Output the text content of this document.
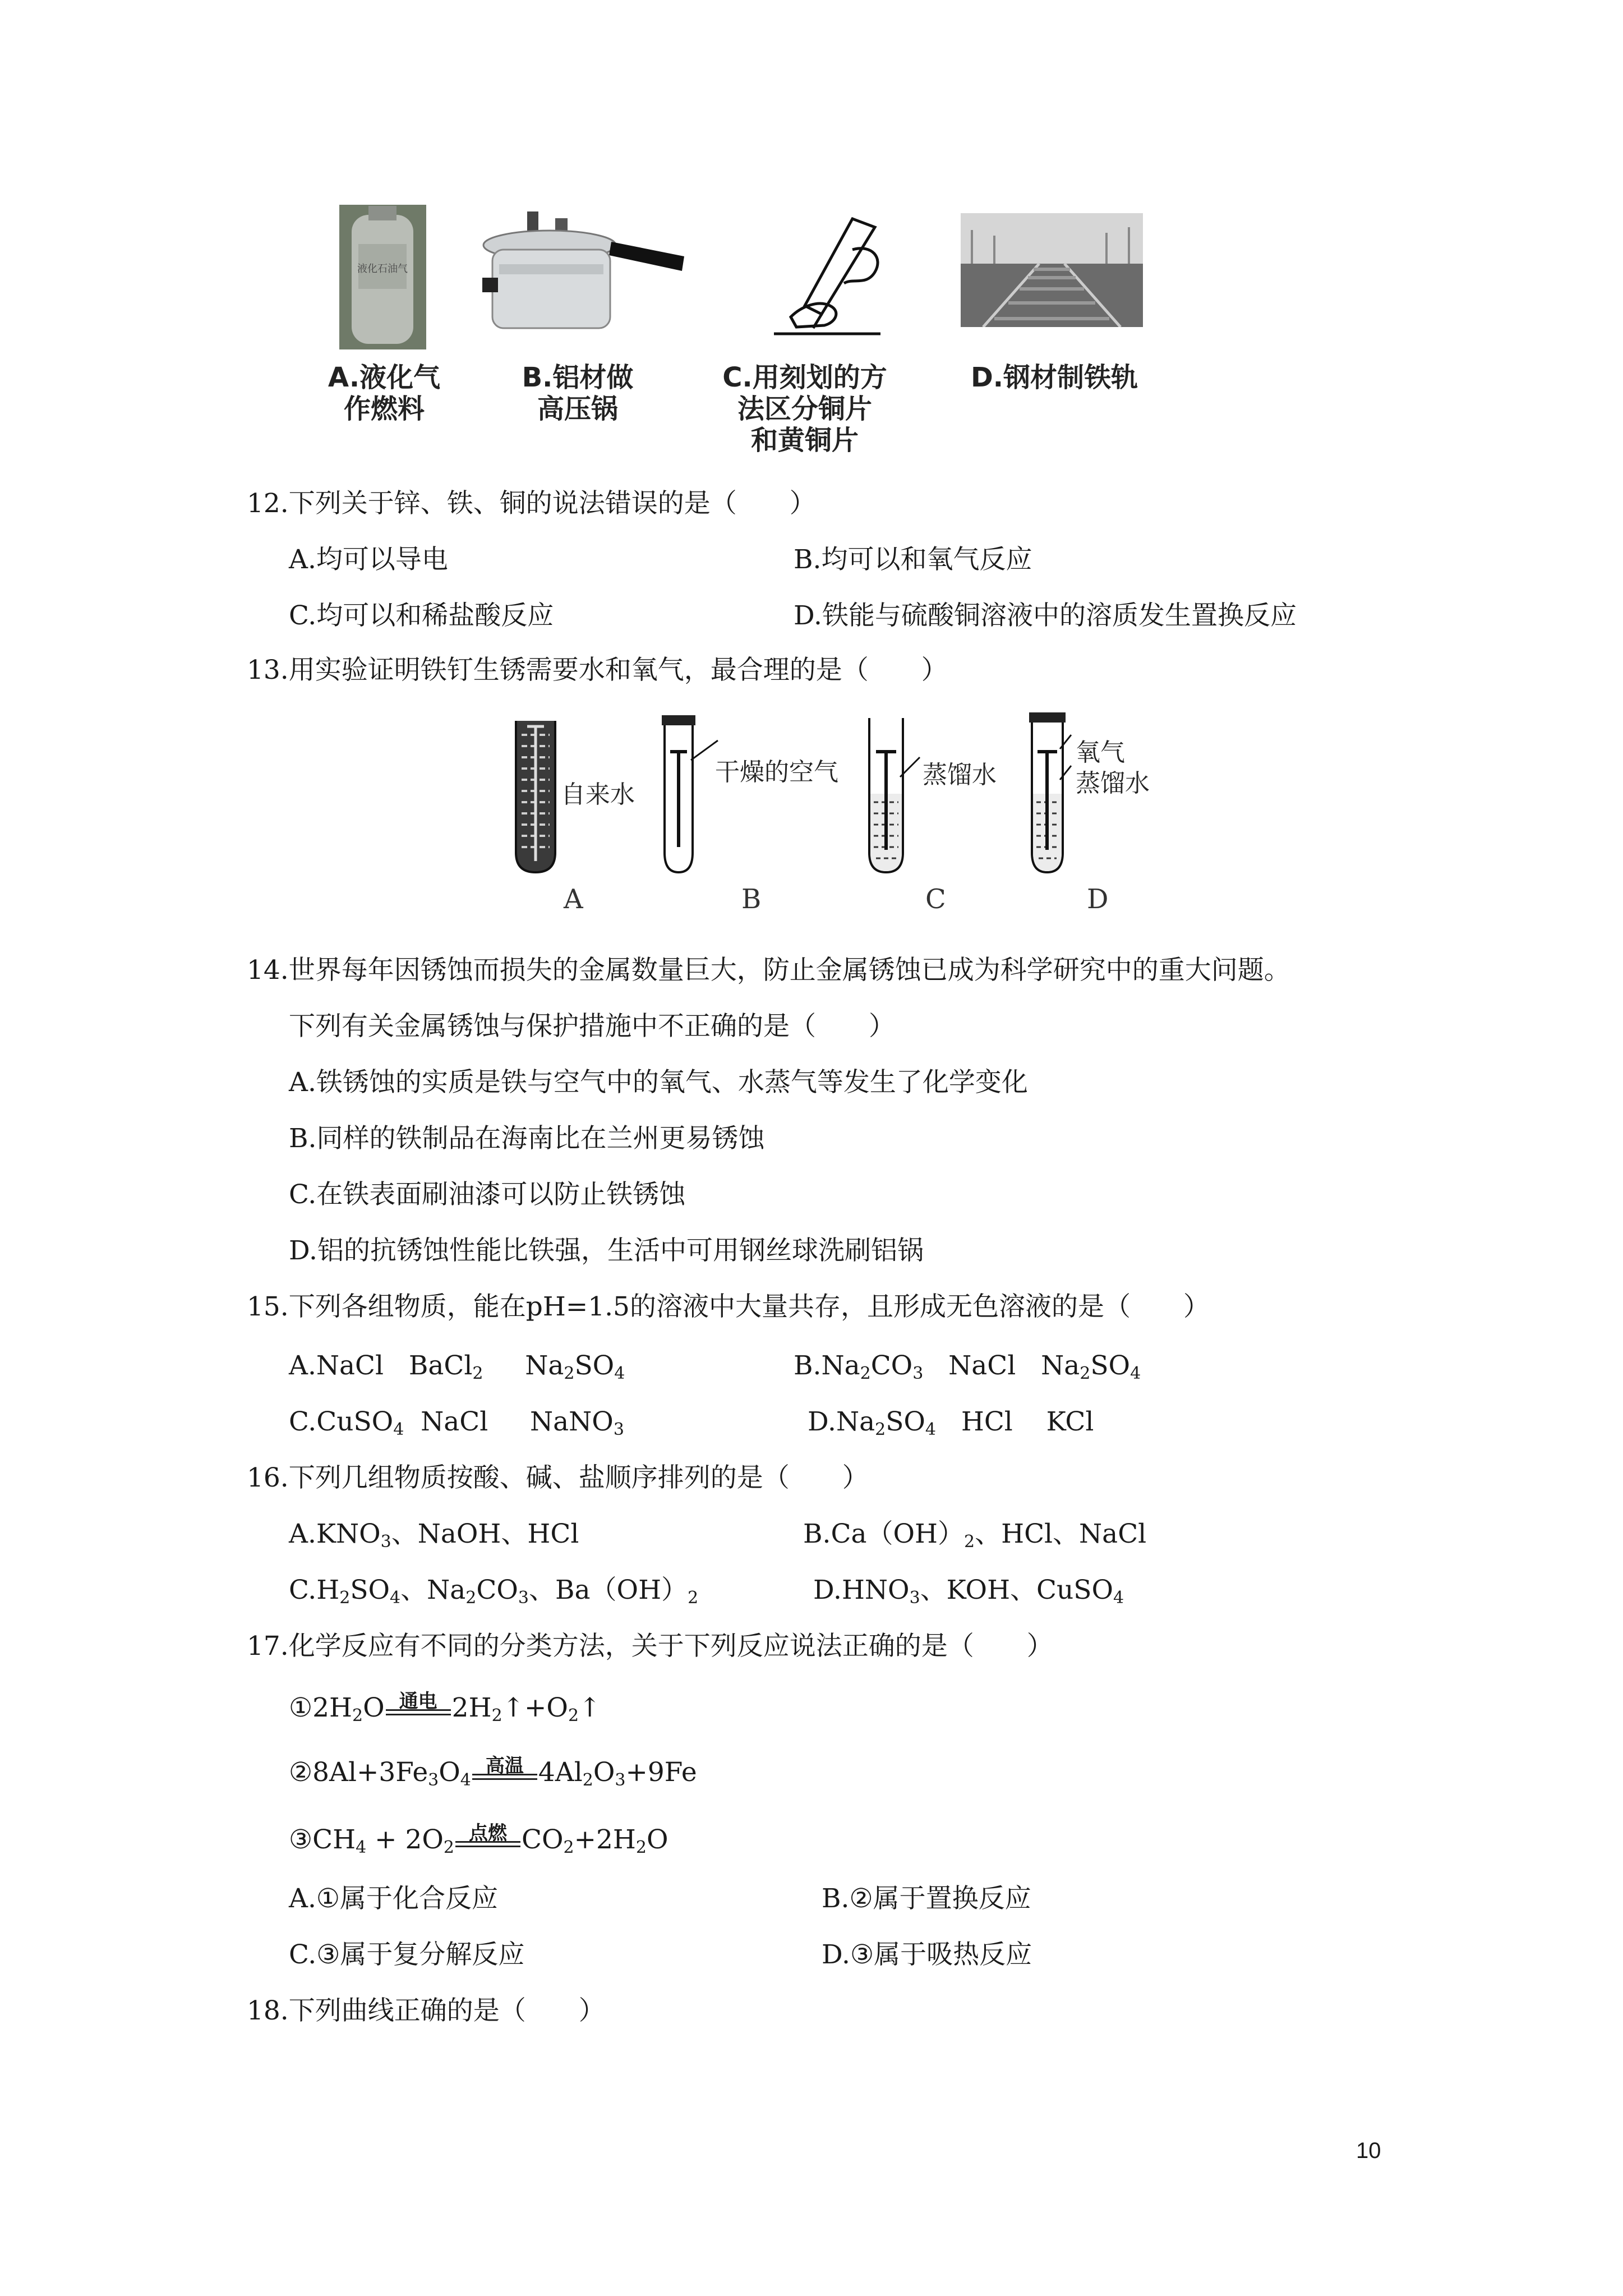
液化石油气
A.液化气
作燃料
B.铝材做
高压锅
C.用刻划的方
法区分铜片
和黄铜片
D.钢材制铁轨
12.下列关于锌、铁、铜的说法错误的是（　　）
A.均可以导电	B.均可以和氧气反应
C.均可以和稀盐酸反应	D.铁能与硫酸铜溶液中的溶质发生置换反应
13.用实验证明铁钉生锈需要水和氧气，最合理的是（　　）
自来水
干燥的空气	蒸馏水
氧气
蒸馏水
A	B	C	D
14.世界每年因锈蚀而损失的金属数量巨大，防止金属锈蚀已成为科学研究中的重大问题。
下列有关金属锈蚀与保护措施中不正确的是（　　）
A.铁锈蚀的实质是铁与空气中的氧气、水蒸气等发生了化学变化
B.同样的铁制品在海南比在兰州更易锈蚀
C.在铁表面刷油漆可以防止铁锈蚀
D.铝的抗锈蚀性能比铁强，生活中可用钢丝球洗刷铝锅
15.下列各组物质，能在pH=1.5的溶液中大量共存，且形成无色溶液的是（　　）
A.NaCl   BaCl$_2$     $Na_2SO_4$	$B.Na_2CO_3$   NaCl   $Na_2SO_4$
C.CuSO$_4$  NaCl     NaNO$_3$	$D.Na_2SO_4$   HCl    KCl
16.下列几组物质按酸、碱、盐顺序排列的是（　　）
$A.KNO_3$、NaOH、HCl	$B.Ca(OH)_2$、HCl、NaCl
$C.H_2SO_4$、$Na_2CO_3$、$Ba(OH)_2$	$D.HNO_3$、KOH、CuSO$_4$
17.化学反应有不同的分类方法，关于下列反应说法正确的是（　　）
$①2H_2O$ 通电 $2H_2↑+O_2↑$
$②8Al+3Fe_3O_4$
高温 $4Al_2O_3+9Fe$
$③CH_4 + 2O_2$
点燃 $CO_2+2H_2O$
A.①属于化合反应	B.②属于置换反应
C.③属于复分解反应	D.③属于吸热反应
18.下列曲线正确的是（　　）
10
